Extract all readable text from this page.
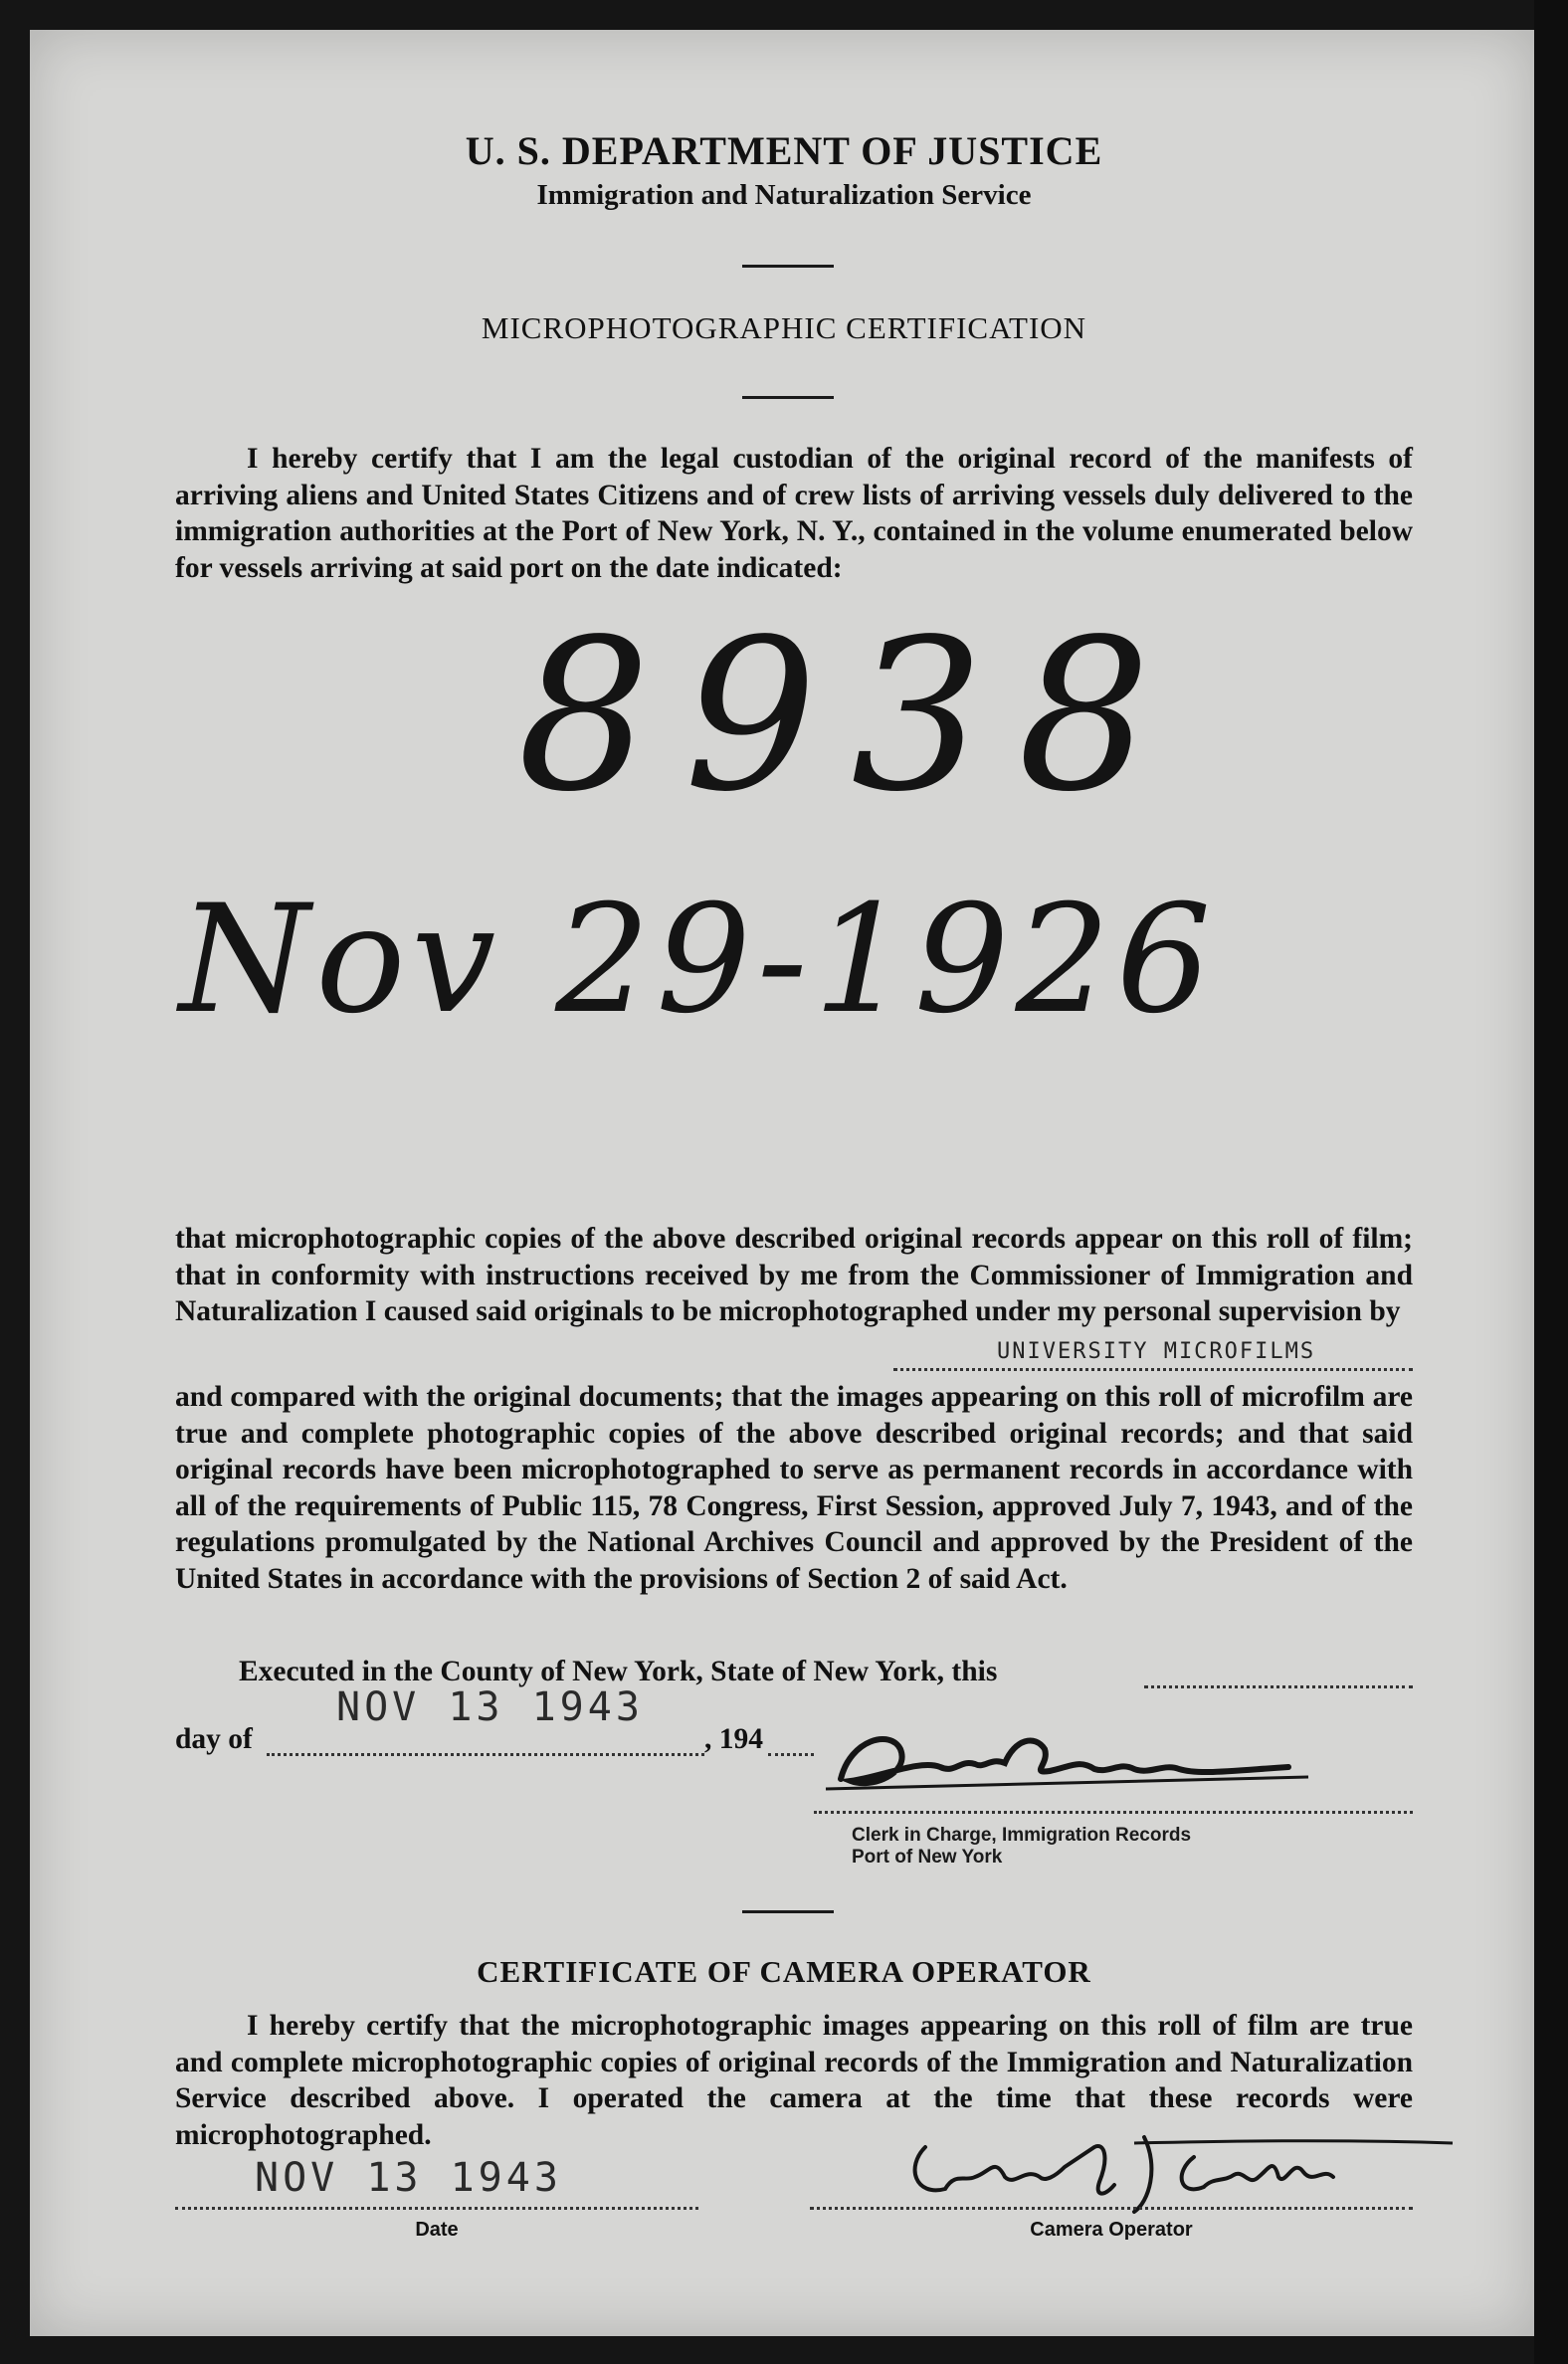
U. S. DEPARTMENT OF JUSTICE
Immigration and Naturalization Service
MICROPHOTOGRAPHIC CERTIFICATION

I hereby certify that I am the legal custodian of the original record of the manifests of arriving aliens and United States Citizens and of crew lists of arriving vessels duly delivered to the immigration authorities at the Port of New York, N. Y., contained in the volume enumerated below for vessels arriving at said port on the date indicated:

8938
Nov 29-1926

that microphotographic copies of the above described original records appear on this roll of film; that in conformity with instructions received by me from the Commissioner of Immigration and Naturalization I caused said originals to be microphotographed under my personal supervision by

UNIVERSITY MICROFILMS

and compared with the original documents; that the images appearing on this roll of microfilm are true and complete photographic copies of the above described original records; and that said original records have been microphotographed to serve as permanent records in accordance with all of the requirements of Public 115, 78 Congress, First Session, approved July 7, 1943, and of the regulations promulgated by the National Archives Council and approved by the President of the United States in accordance with the provisions of Section 2 of said Act.

Executed in the County of New York, State of New York, this
NOV 13 1943
day of	, 194
Clerk in Charge, Immigration Records
Port of New York
CERTIFICATE OF CAMERA OPERATOR

I hereby certify that the microphotographic images appearing on this roll of film are true and complete microphotographic copies of original records of the Immigration and Naturalization Service described above. I operated the camera at the time that these records were microphotographed.

NOV 13 1943
Date	Camera Operator
